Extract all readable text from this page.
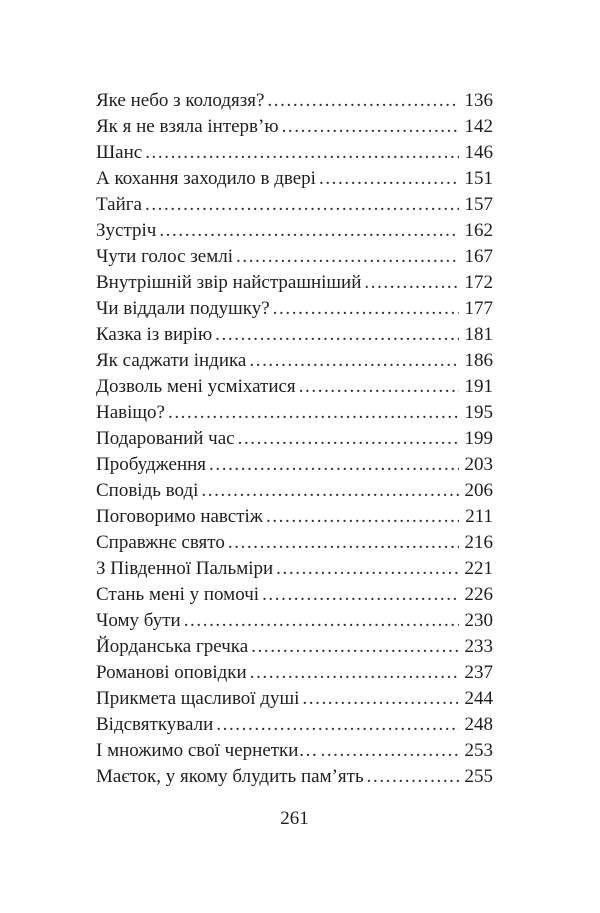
Яке небо з колодязя? .....	136
Як я не взяла інтерв’ю .....	142
Шанс .....	146
А кохання заходило в двері .....	151
Тайга .....	157
Зустріч .....	162
Чути голос землі .....	167
Внутрішній звір найстрашніший .....	172
Чи віддали подушку? .....	177
Казка із вирію .....	181
Як саджати індика .....	186
Дозволь мені усміхатися .....	191
Навіщо? .....	195
Подарований час .....	199
Пробудження .....	203
Сповідь воді .....	206
Поговоримо навстіж .....	211
Справжнє свято .....	216
З Південної Пальміри .....	221
Стань мені у помочі .....	226
Чому бути .....	230
Йорданська гречка .....	233
Романові оповідки .....	237
Прикмета щасливої душі .....	244
Відсвяткували .....	248
І множимо свої чернетки… .....	253
Маєток, у якому блудить пам’ять .....	255
261
